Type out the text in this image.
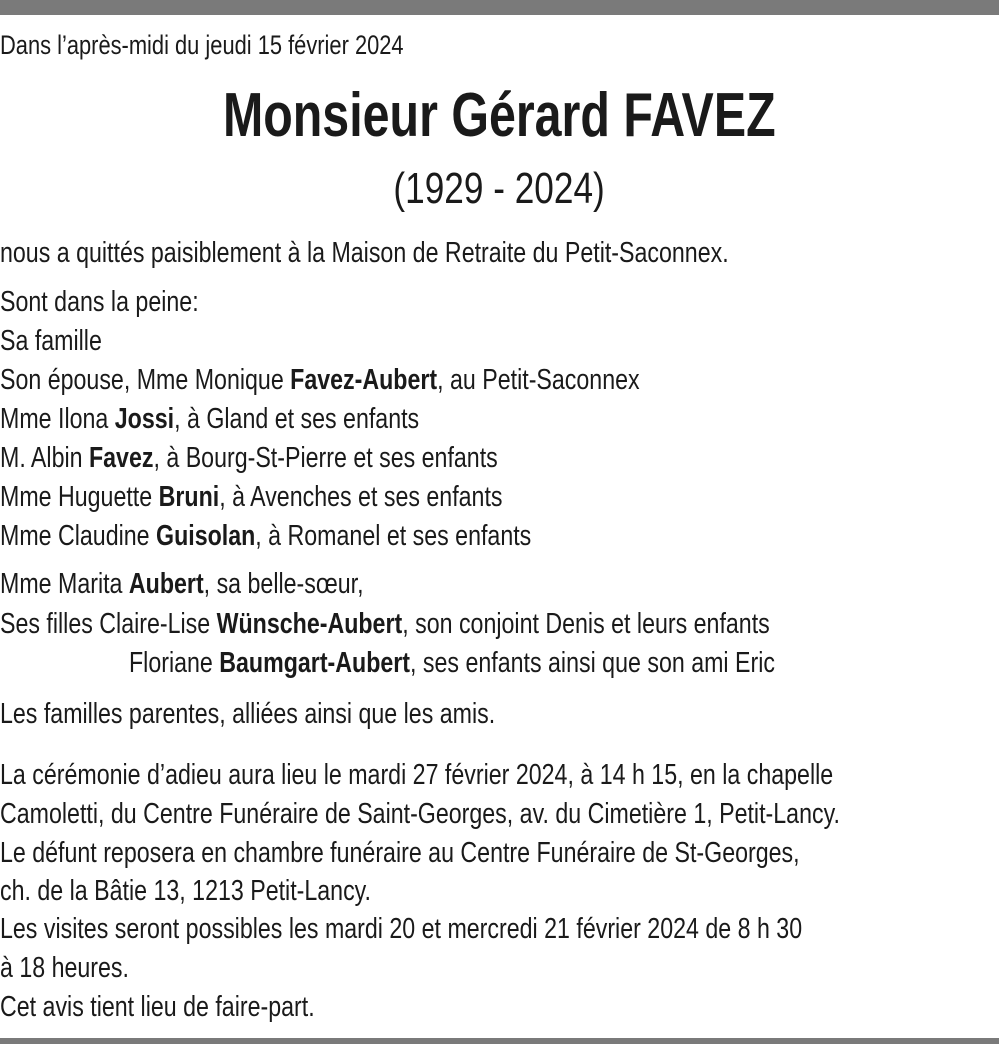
Dans l’après-midi du jeudi 15 février 2024
Monsieur Gérard FAVEZ
(1929 - 2024)
nous a quittés paisiblement à la Maison de Retraite du Petit-Saconnex.
Sont dans la peine:
Sa famille
Son épouse, Mme Monique Favez-Aubert, au Petit-Saconnex
Mme Ilona Jossi, à Gland et ses enfants
M. Albin Favez, à Bourg-St-Pierre et ses enfants
Mme Huguette Bruni, à Avenches et ses enfants
Mme Claudine Guisolan, à Romanel et ses enfants
Mme Marita Aubert, sa belle-sœur,
Ses filles Claire-Lise Wünsche-Aubert, son conjoint Denis et leurs enfants
Floriane Baumgart-Aubert, ses enfants ainsi que son ami Eric
Les familles parentes, alliées ainsi que les amis.
La cérémonie d’adieu aura lieu le mardi 27 février 2024, à 14 h 15, en la chapelle
Camoletti, du Centre Funéraire de Saint-Georges, av. du Cimetière 1, Petit-Lancy.
Le défunt reposera en chambre funéraire au Centre Funéraire de St-Georges,
ch. de la Bâtie 13, 1213 Petit-Lancy.
Les visites seront possibles les mardi 20 et mercredi 21 février 2024 de 8 h 30
à 18 heures.
Cet avis tient lieu de faire-part.
